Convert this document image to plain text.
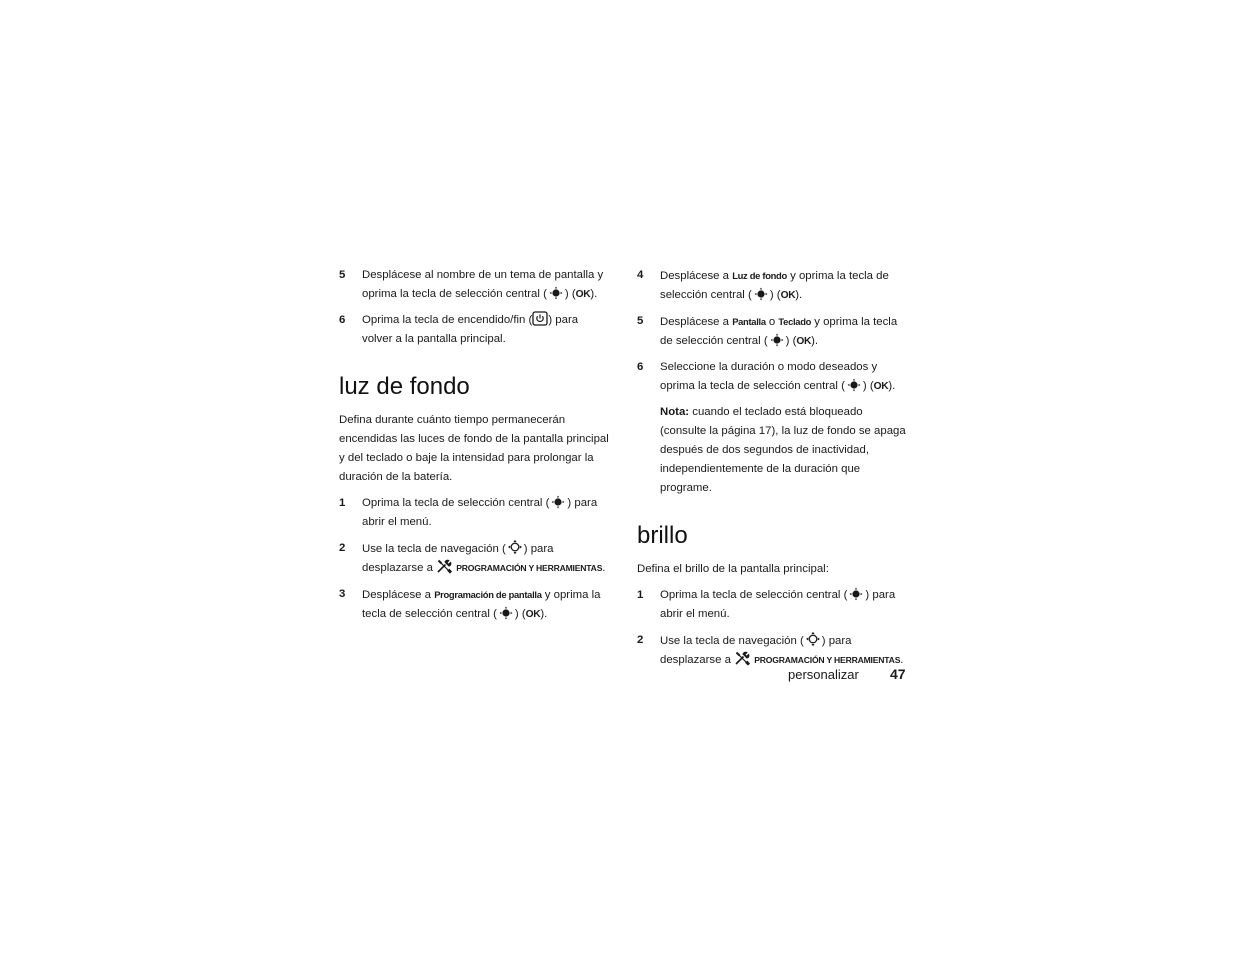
5 Desplácese al nombre de un tema de pantalla y oprima la tecla de selección central ( ) (OK).
6 Oprima la tecla de encendido/fin ( ) para volver a la pantalla principal.
luz de fondo

Defina durante cuánto tiempo permanecerán encendidas las luces de fondo de la pantalla principal y del teclado o baje la intensidad para prolongar la duración de la batería.

1 Oprima la tecla de selección central ( ) para abrir el menú.
2 Use la tecla de navegación ( ) para desplazarse a  PROGRAMACIÓN Y HERRAMIENTAS.
3 Desplácese a Programación de pantalla y oprima la tecla de selección central ( ) (OK).
4 Desplácese a Luz de fondo y oprima la tecla de selección central ( ) (OK).
5 Desplácese a Pantalla o Teclado y oprima la tecla de selección central ( ) (OK).
6 Seleccione la duración o modo deseados y oprima la tecla de selección central ( ) (OK).

Nota: cuando el teclado está bloqueado (consulte la página 17), la luz de fondo se apaga después de dos segundos de inactividad, independientemente de la duración que programe.

brillo

Defina el brillo de la pantalla principal:

1 Oprima la tecla de selección central ( ) para abrir el menú.
2 Use la tecla de navegación ( ) para desplazarse a  PROGRAMACIÓN Y HERRAMIENTAS.
personalizar 47
